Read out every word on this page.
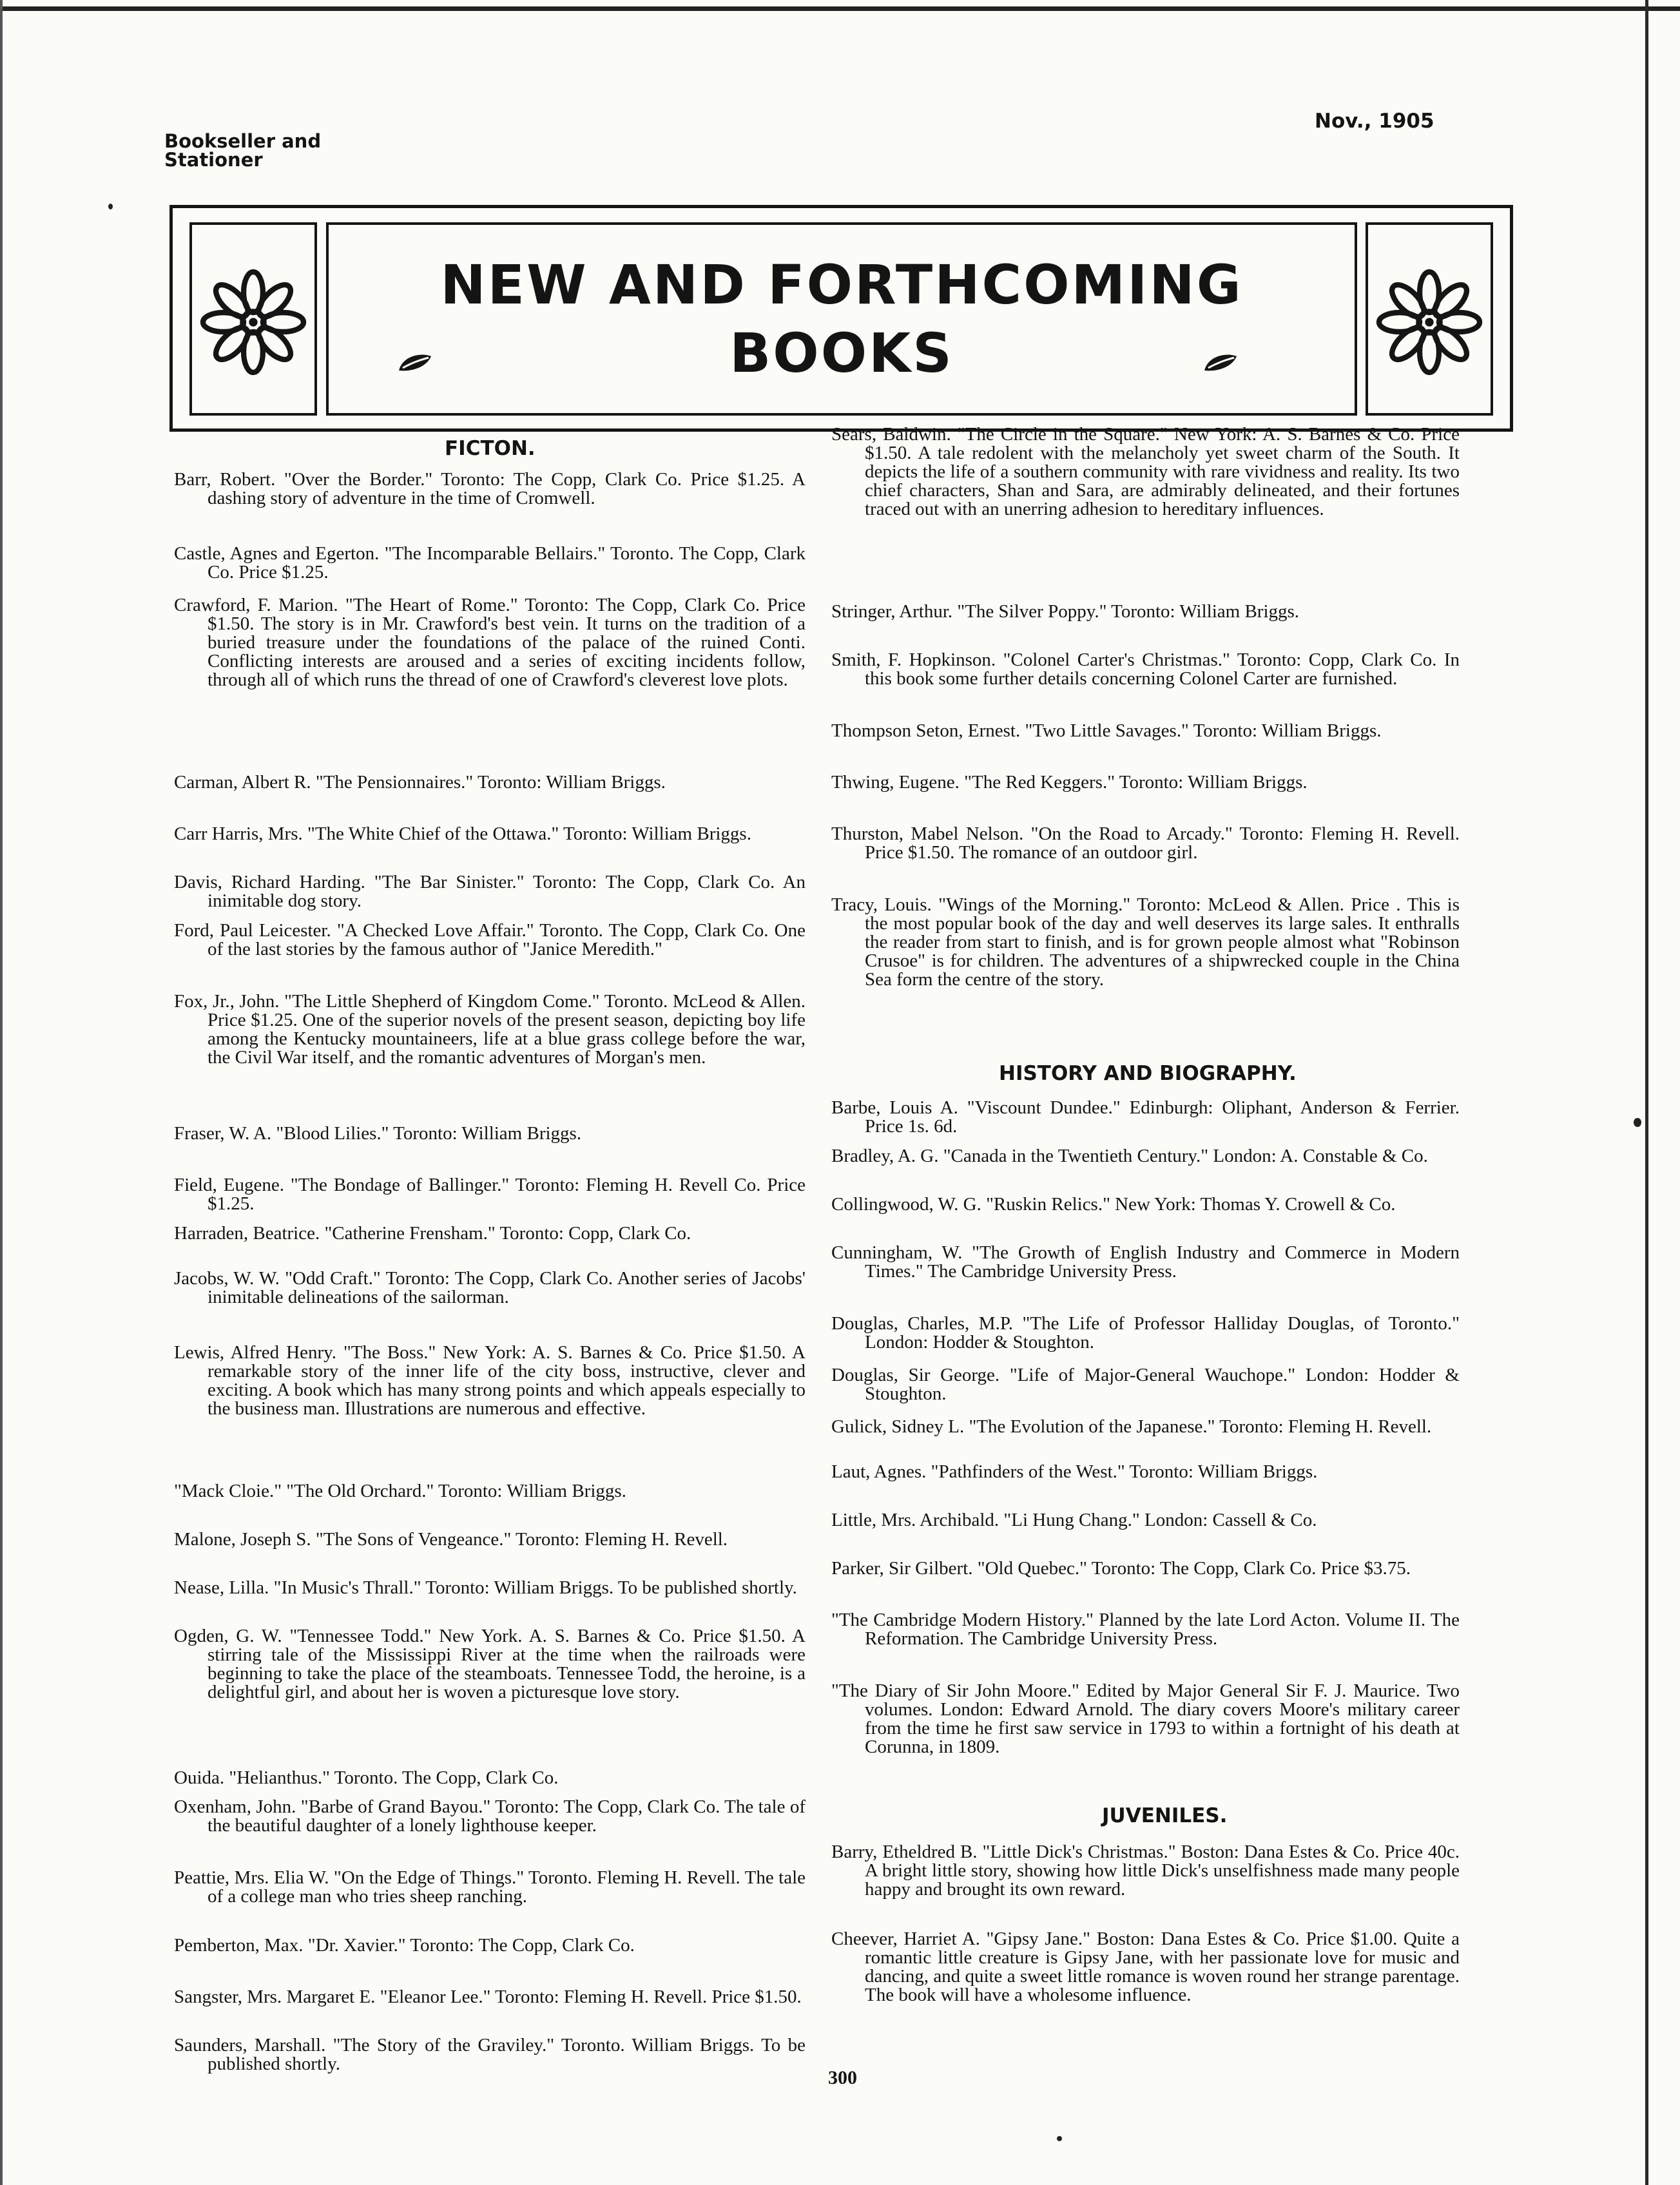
Bookseller and Stationer
Nov., 1905
NEW AND FORTHCOMING
BOOKS
FICTON.
Barr, Robert. "Over the Border." Toronto: The Copp, Clark Co. Price $1.25. A dashing story of adventure in the time of Cromwell.
Castle, Agnes and Egerton. "The Incomparable Bellairs." Toronto. The Copp, Clark Co. Price $1.25.
Crawford, F. Marion. "The Heart of Rome." Toronto: The Copp, Clark Co. Price $1.50. The story is in Mr. Crawford's best vein. It turns on the tradition of a buried treasure under the foundations of the palace of the ruined Conti. Conflicting interests are aroused and a series of exciting incidents follow, through all of which runs the thread of one of Crawford's cleverest love plots.
Carman, Albert R. "The Pensionnaires." Toronto: William Briggs.
Carr Harris, Mrs. "The White Chief of the Ottawa." Toronto: William Briggs.
Davis, Richard Harding. "The Bar Sinister." Toronto: The Copp, Clark Co. An inimitable dog story.
Ford, Paul Leicester. "A Checked Love Affair." Toronto. The Copp, Clark Co. One of the last stories by the famous author of "Janice Meredith."
Fox, Jr., John. "The Little Shepherd of Kingdom Come." Toronto. McLeod & Allen. Price $1.25. One of the superior novels of the present season, depicting boy life among the Kentucky mountaineers, life at a blue grass college before the war, the Civil War itself, and the romantic adventures of Morgan's men.
Fraser, W. A. "Blood Lilies." Toronto: William Briggs.
Field, Eugene. "The Bondage of Ballinger." Toronto: Fleming H. Revell Co. Price $1.25.
Harraden, Beatrice. "Catherine Frensham." Toronto: Copp, Clark Co.
Jacobs, W. W. "Odd Craft." Toronto: The Copp, Clark Co. Another series of Jacobs' inimitable delineations of the sailorman.
Lewis, Alfred Henry. "The Boss." New York: A. S. Barnes & Co. Price $1.50. A remarkable story of the inner life of the city boss, instructive, clever and exciting. A book which has many strong points and which appeals especially to the business man. Illustrations are numerous and effective.
"Mack Cloie." "The Old Orchard." Toronto: William Briggs.
Malone, Joseph S. "The Sons of Vengeance." Toronto: Fleming H. Revell.
Nease, Lilla. "In Music's Thrall." Toronto: William Briggs. To be published shortly.
Ogden, G. W. "Tennessee Todd." New York. A. S. Barnes & Co. Price $1.50. A stirring tale of the Mississippi River at the time when the railroads were beginning to take the place of the steamboats. Tennessee Todd, the heroine, is a delightful girl, and about her is woven a picturesque love story.
Ouida. "Helianthus." Toronto. The Copp, Clark Co.
Oxenham, John. "Barbe of Grand Bayou." Toronto: The Copp, Clark Co. The tale of the beautiful daughter of a lonely lighthouse keeper.
Peattie, Mrs. Elia W. "On the Edge of Things." Toronto. Fleming H. Revell. The tale of a college man who tries sheep ranching.
Pemberton, Max. "Dr. Xavier." Toronto: The Copp, Clark Co.
Sangster, Mrs. Margaret E. "Eleanor Lee." Toronto: Fleming H. Revell. Price $1.50.
Saunders, Marshall. "The Story of the Graviley." Toronto. William Briggs. To be published shortly.
Sears, Baldwin. "The Circle in the Square." New York: A. S. Barnes & Co. Price $1.50. A tale redolent with the melancholy yet sweet charm of the South. It depicts the life of a southern community with rare vividness and reality. Its two chief characters, Shan and Sara, are admirably delineated, and their fortunes traced out with an unerring adhesion to hereditary influences.
Stringer, Arthur. "The Silver Poppy." Toronto: William Briggs.
Smith, F. Hopkinson. "Colonel Carter's Christmas." Toronto: Copp, Clark Co. In this book some further details concerning Colonel Carter are furnished.
Thompson Seton, Ernest. "Two Little Savages." Toronto: William Briggs.
Thwing, Eugene. "The Red Keggers." Toronto: William Briggs.
Thurston, Mabel Nelson. "On the Road to Arcady." Toronto: Fleming H. Revell. Price $1.50. The romance of an outdoor girl.
Tracy, Louis. "Wings of the Morning." Toronto: McLeod & Allen. Price . This is the most popular book of the day and well deserves its large sales. It enthralls the reader from start to finish, and is for grown people almost what "Robinson Crusoe" is for children. The adventures of a shipwrecked couple in the China Sea form the centre of the story.
HISTORY AND BIOGRAPHY.
Barbe, Louis A. "Viscount Dundee." Edinburgh: Oliphant, Anderson & Ferrier. Price 1s. 6d.
Bradley, A. G. "Canada in the Twentieth Century." London: A. Constable & Co.
Collingwood, W. G. "Ruskin Relics." New York: Thomas Y. Crowell & Co.
Cunningham, W. "The Growth of English Industry and Commerce in Modern Times." The Cambridge University Press.
Douglas, Charles, M.P. "The Life of Professor Halliday Douglas, of Toronto." London: Hodder & Stoughton.
Douglas, Sir George. "Life of Major-General Wauchope." London: Hodder & Stoughton.
Gulick, Sidney L. "The Evolution of the Japanese." Toronto: Fleming H. Revell.
Laut, Agnes. "Pathfinders of the West." Toronto: William Briggs.
Little, Mrs. Archibald. "Li Hung Chang." London: Cassell & Co.
Parker, Sir Gilbert. "Old Quebec." Toronto: The Copp, Clark Co. Price $3.75.
"The Cambridge Modern History." Planned by the late Lord Acton. Volume II. The Reformation. The Cambridge University Press.
"The Diary of Sir John Moore." Edited by Major General Sir F. J. Maurice. Two volumes. London: Edward Arnold. The diary covers Moore's military career from the time he first saw service in 1793 to within a fortnight of his death at Corunna, in 1809.
JUVENILES.
Barry, Etheldred B. "Little Dick's Christmas." Boston: Dana Estes & Co. Price 40c. A bright little story, showing how little Dick's unselfishness made many people happy and brought its own reward.
Cheever, Harriet A. "Gipsy Jane." Boston: Dana Estes & Co. Price $1.00. Quite a romantic little creature is Gipsy Jane, with her passionate love for music and dancing, and quite a sweet little romance is woven round her strange parentage. The book will have a wholesome influence.
300
